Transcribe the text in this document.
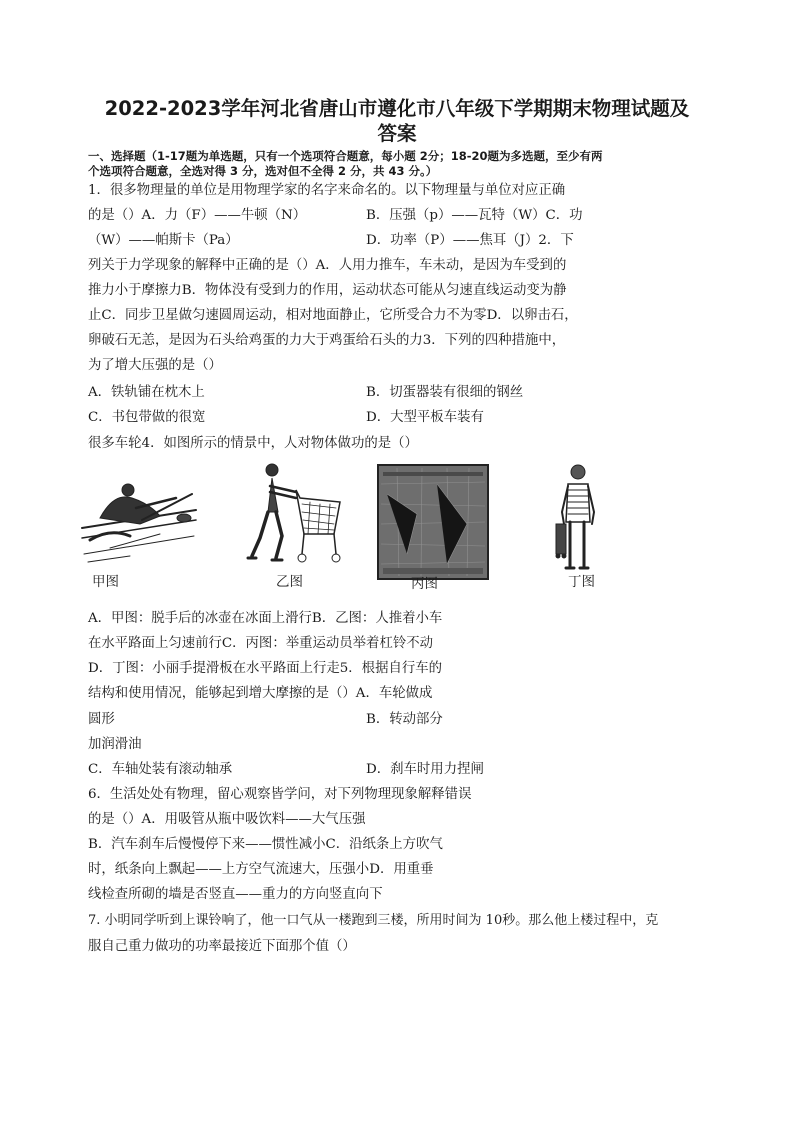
2022-2023学年河北省唐山市遵化市八年级下学期期末物理试题及
答案
一、选择题（1-17题为单选题，只有一个选项符合题意，每小题 2分；18-20题为多选题，至少有两
个选项符合题意，全选对得 3 分，选对但不全得 2 分，共 43 分。）
1．很多物理量的单位是用物理学家的名字来命名的。以下物理量与单位对应正确
的是（）A．力（F）——牛顿（N）	B．压强（p）——瓦特（W）C．功
（W）——帕斯卡（Pa）	D．功率（P）——焦耳（J）2．下
列关于力学现象的解释中正确的是（）A．人用力推车，车未动，是因为车受到的
推力小于摩擦力B．物体没有受到力的作用，运动状态可能从匀速直线运动变为静
止C．同步卫星做匀速圆周运动，相对地面静止，它所受合力不为零D．以卵击石，
卵破石无恙，是因为石头给鸡蛋的力大于鸡蛋给石头的力3．下列的四种措施中，
为了增大压强的是（）
A．铁轨铺在枕木上	B．切蛋器装有很细的钢丝
C．书包带做的很宽	D．大型平板车装有
很多车轮4．如图所示的情景中，人对物体做功的是（）
甲图	乙图	丙图	丁图
A．甲图：脱手后的冰壶在冰面上滑行B．乙图：人推着小车
在水平路面上匀速前行C．丙图：举重运动员举着杠铃不动
D．丁图：小丽手提滑板在水平路面上行走5．根据自行车的
结构和使用情况，能够起到增大摩擦的是（）A．车轮做成
圆形	B．转动部分
加润滑油
C．车轴处装有滚动轴承	D．刹车时用力捏闸
6．生活处处有物理，留心观察皆学问，对下列物理现象解释错误
的是（）A．用吸管从瓶中吸饮料——大气压强
B．汽车刹车后慢慢停下来——惯性减小C．沿纸条上方吹气
时，纸条向上飘起——上方空气流速大，压强小D．用重垂
线检查所砌的墙是否竖直——重力的方向竖直向下
7. 小明同学听到上课铃响了，他一口气从一楼跑到三楼，所用时间为 10秒。那么他上楼过程中，克
服自己重力做功的功率最接近下面那个值（）
